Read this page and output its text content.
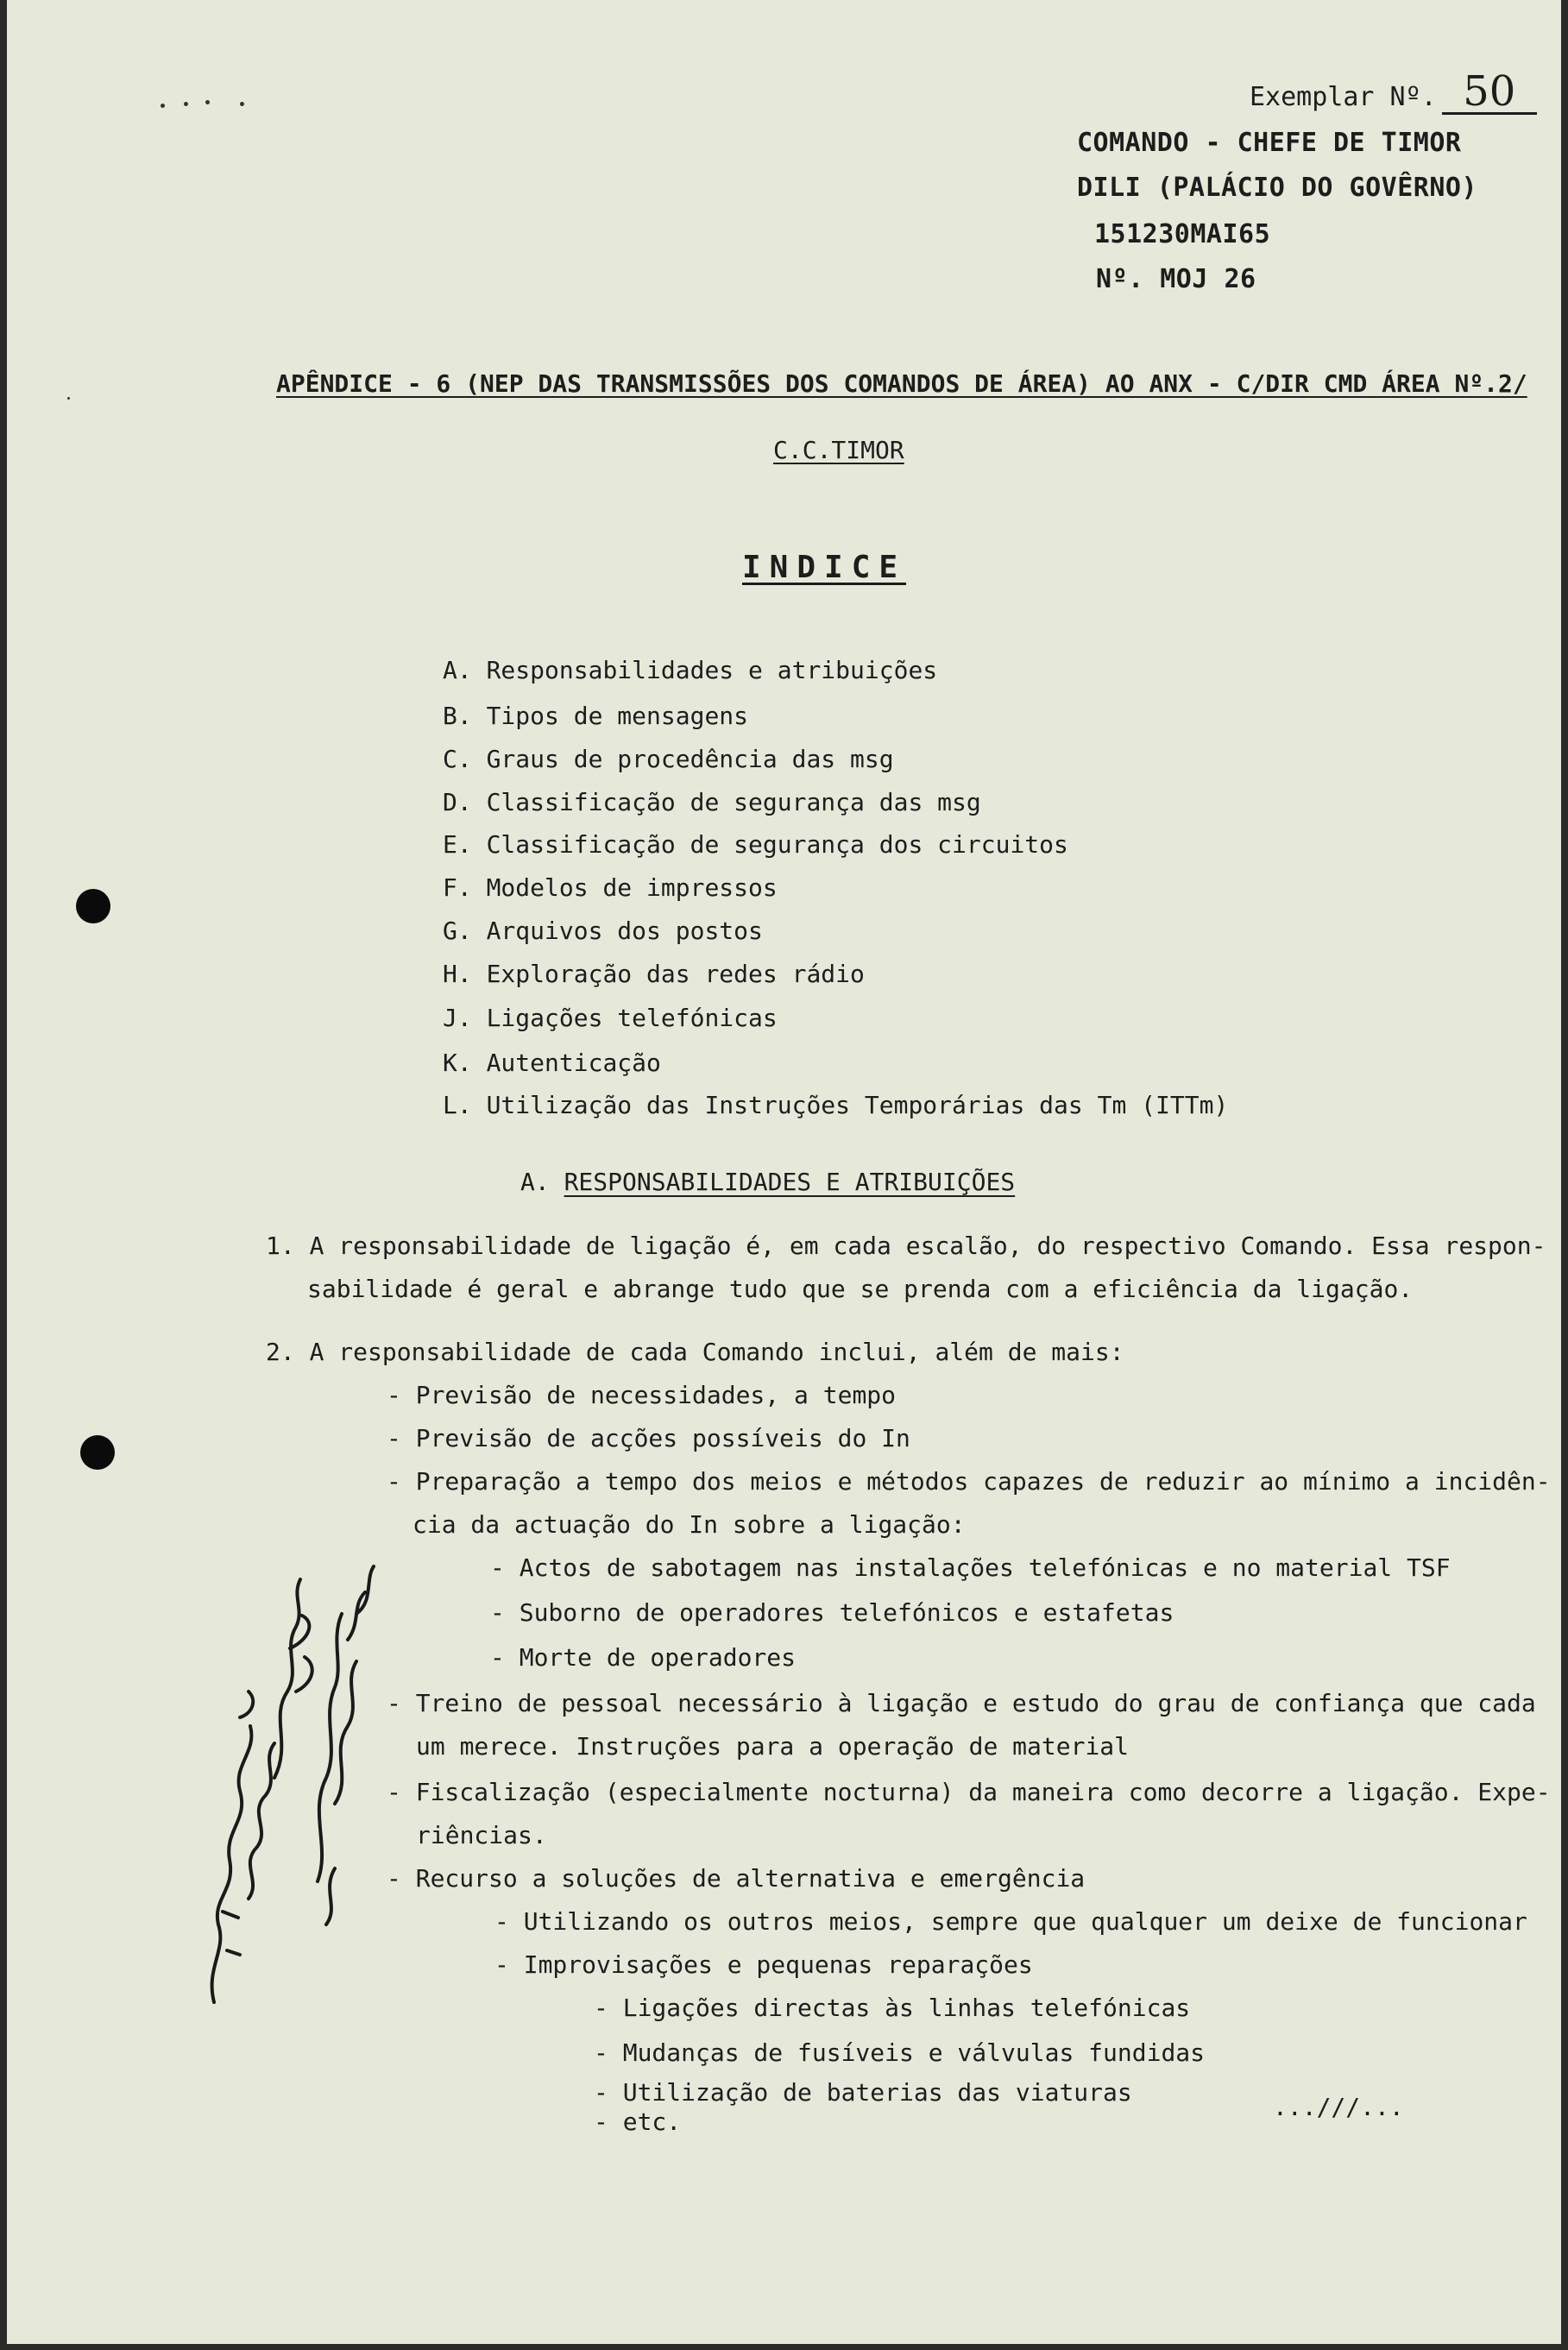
Exemplar Nº. 50
COMANDO - CHEFE DE TIMOR
DILI (PALÁCIO DO GOVÊRNO)
151230MAI65
Nº. MOJ 26
APÊNDICE - 6 (NEP DAS TRANSMISSÕES DOS COMANDOS DE ÁREA) AO ANX - C/DIR CMD ÁREA Nº.2/
C.C.TIMOR
INDICE
A. Responsabilidades e atribuições
B. Tipos de mensagens
C. Graus de procedência das msg
D. Classificação de segurança das msg
E. Classificação de segurança dos circuitos
F. Modelos de impressos
G. Arquivos dos postos
H. Exploração das redes rádio
J. Ligações telefónicas
K. Autenticação
L. Utilização das Instruções Temporárias das Tm (ITTm)
A. RESPONSABILIDADES E ATRIBUIÇÕES
1. A responsabilidade de ligação é, em cada escalão, do respectivo Comando. Essa respon-
sabilidade é geral e abrange tudo que se prenda com a eficiência da ligação.
2. A responsabilidade de cada Comando inclui, além de mais:
- Previsão de necessidades, a tempo
- Previsão de acções possíveis do In
- Preparação a tempo dos meios e métodos capazes de reduzir ao mínimo a incidên-
cia da actuação do In sobre a ligação:
- Actos de sabotagem nas instalações telefónicas e no material TSF
- Suborno de operadores telefónicos e estafetas
- Morte de operadores
- Treino de pessoal necessário à ligação e estudo do grau de confiança que cada
um merece. Instruções para a operação de material
- Fiscalização (especialmente nocturna) da maneira como decorre a ligação. Expe-
riências.
- Recurso a soluções de alternativa e emergência
- Utilizando os outros meios, sempre que qualquer um deixe de funcionar
- Improvisações e pequenas reparações
- Ligações directas às linhas telefónicas
- Mudanças de fusíveis e válvulas fundidas
- Utilização de baterias das viaturas
- etc.
...///...
